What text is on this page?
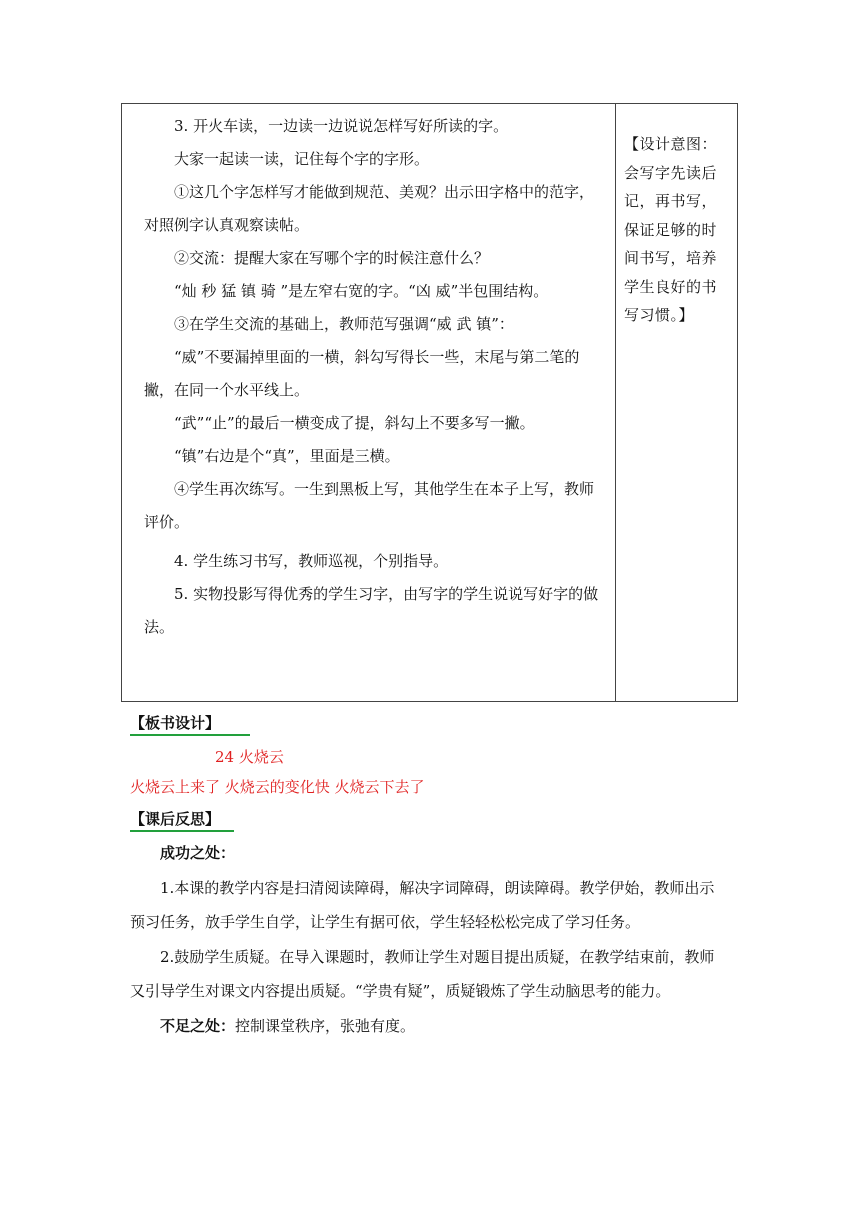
3. 开火车读，一边读一边说说怎样写好所读的字。

大家一起读一读，记住每个字的字形。

①这几个字怎样写才能做到规范、美观？出示田字格中的范字，对照例字认真观察读帖。

②交流：提醒大家在写哪个字的时候注意什么？

“灿 秒 猛 镇 骑 ”是左窄右宽的字。“凶 威”半包围结构。

③在学生交流的基础上，教师范写强调“威 武 镇”：

“威”不要漏掉里面的一横，斜勾写得长一些，末尾与第二笔的撇，在同一个水平线上。

“武”“止”的最后一横变成了提，斜勾上不要多写一撇。

“镇”右边是个“真”，里面是三横。

④学生再次练写。一生到黑板上写，其他学生在本子上写，教师评价。

4. 学生练习书写，教师巡视，个别指导。

5. 实物投影写得优秀的学生习字，由写字的学生说说写好字的做法。

【设计意图：会写字先读后记，再书写，保证足够的时间书写，培养学生良好的书写习惯。】
【板书设计】
24 火烧云
火烧云上来了 火烧云的变化快 火烧云下去了
【课后反思】

成功之处：

1.本课的教学内容是扫清阅读障碍，解决字词障碍，朗读障碍。教学伊始，教师出示预习任务，放手学生自学，让学生有据可依，学生轻轻松松完成了学习任务。

2.鼓励学生质疑。在导入课题时，教师让学生对题目提出质疑，在教学结束前，教师又引导学生对课文内容提出质疑。“学贵有疑”，质疑锻炼了学生动脑思考的能力。

不足之处：控制课堂秩序，张弛有度。
